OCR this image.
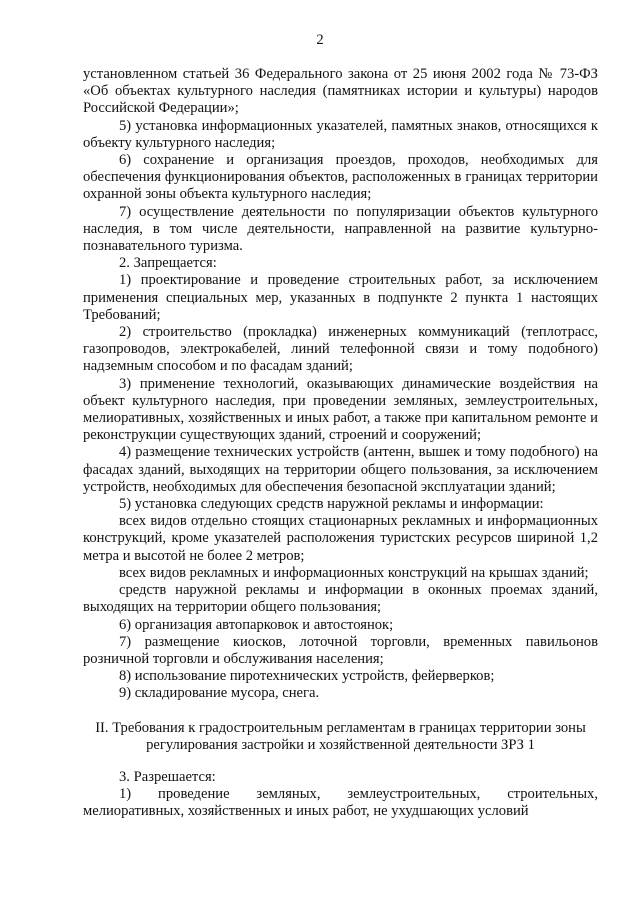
2

установленном статьей 36 Федерального закона от 25 июня 2002 года № 73-ФЗ «Об объектах культурного наследия (памятниках истории и культуры) народов Российской Федерации»;

5) установка информационных указателей, памятных знаков, относящихся к объекту культурного наследия;

6) сохранение и организация проездов, проходов, необходимых для обеспечения функционирования объектов, расположенных в границах территории охранной зоны объекта культурного наследия;

7) осуществление деятельности по популяризации объектов культурного наследия, в том числе деятельности, направленной на развитие культурно-познавательного туризма.

2. Запрещается:

1) проектирование и проведение строительных работ, за исключением применения специальных мер, указанных в подпункте 2 пункта 1 настоящих Требований;

2) строительство (прокладка) инженерных коммуникаций (теплотрасс, газопроводов, электрокабелей, линий телефонной связи и тому подобного) надземным способом и по фасадам зданий;

3) применение технологий, оказывающих динамические воздействия на объект культурного наследия, при проведении земляных, землеустроительных, мелиоративных, хозяйственных и иных работ, а также при капитальном ремонте и реконструкции существующих зданий, строений и сооружений;

4) размещение технических устройств (антенн, вышек и тому подобного) на фасадах зданий, выходящих на территории общего пользования, за исключением устройств, необходимых для обеспечения безопасной эксплуатации зданий;

5) установка следующих средств наружной рекламы и информации:

всех видов отдельно стоящих стационарных рекламных и информационных конструкций, кроме указателей расположения туристских ресурсов шириной 1,2 метра и высотой не более 2 метров;

всех видов рекламных и информационных конструкций на крышах зданий;

средств наружной рекламы и информации в оконных проемах зданий, выходящих на территории общего пользования;

6) организация автопарковок и автостоянок;

7) размещение киосков, лоточной торговли, временных павильонов розничной торговли и обслуживания населения;

8) использование пиротехнических устройств, фейерверков;

9) складирование мусора, снега.

II. Требования к градостроительным регламентам в границах территории зоны регулирования застройки и хозяйственной деятельности ЗРЗ 1

3. Разрешается:

1) проведение земляных, землеустроительных, строительных, мелиоративных, хозяйственных и иных работ, не ухудшающих условий
